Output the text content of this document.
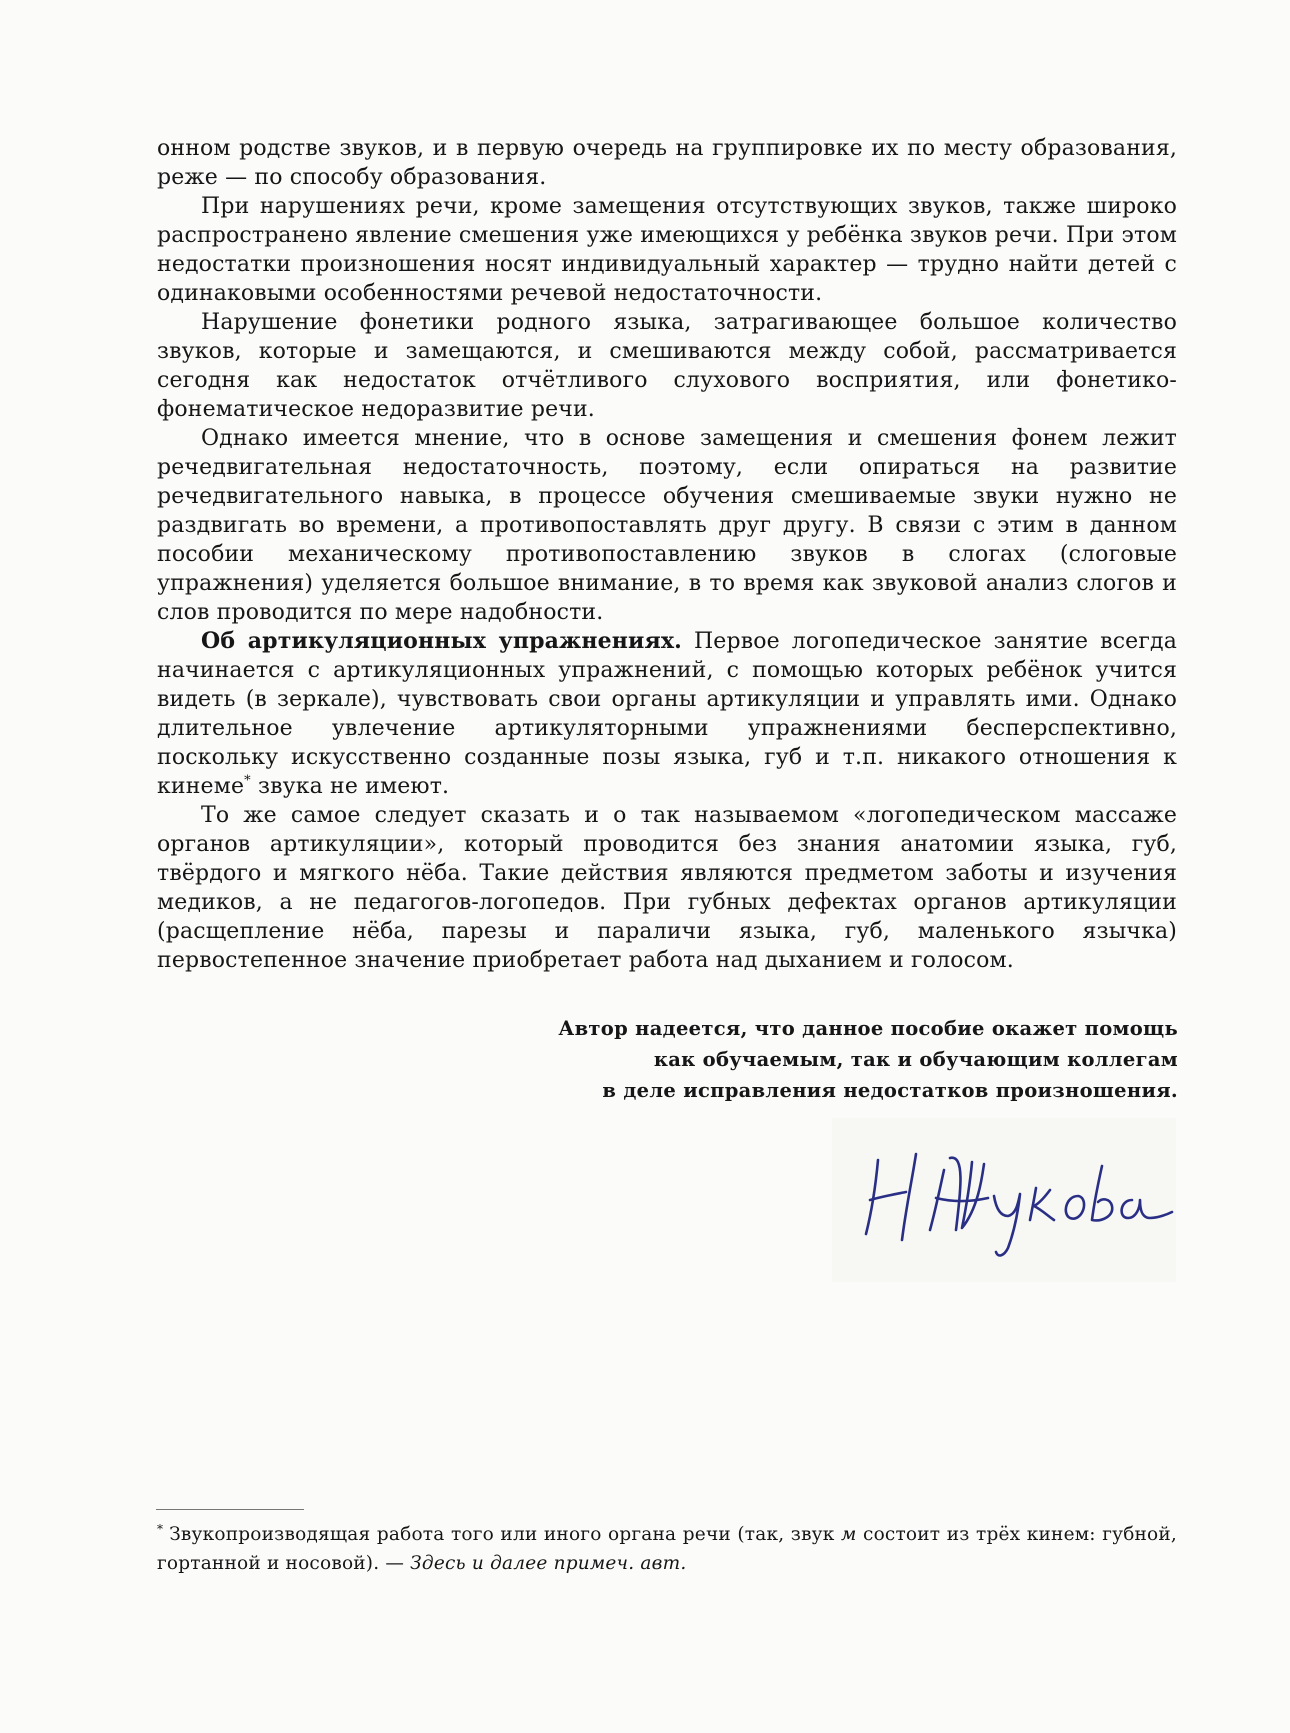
онном родстве звуков, и в первую очередь на группировке их по месту образования, реже — по способу образования.

При нарушениях речи, кроме замещения отсутствующих звуков, также широко распространено явление смешения уже имеющихся у ребёнка звуков речи. При этом недостатки произношения носят индивидуальный характер — трудно найти детей с одинаковыми особенностями речевой недостаточности.

Нарушение фонетики родного языка, затрагивающее большое количество звуков, которые и замещаются, и смешиваются между собой, рассматривается сегодня как недостаток отчётливого слухового восприятия, или фонетико-фонематическое недоразвитие речи.

Однако имеется мнение, что в основе замещения и смешения фонем лежит речедвигательная недостаточность, поэтому, если опираться на развитие речедвигательного навыка, в процессе обучения смешиваемые звуки нужно не раздвигать во времени, а противопоставлять друг другу. В связи с этим в данном пособии механическому противопоставлению звуков в слогах (слоговые упражнения) уделяется большое внимание, в то время как звуковой анализ слогов и слов проводится по мере надобности.

Об артикуляционных упражнениях. Первое логопедическое занятие всегда начинается с артикуляционных упражнений, с помощью которых ребёнок учится видеть (в зеркале), чувствовать свои органы артикуляции и управлять ими. Однако длительное увлечение артикуляторными упражнениями бесперспективно, поскольку искусственно созданные позы языка, губ и т.п. никакого отношения к кинеме* звука не имеют.

То же самое следует сказать и о так называемом «логопедическом массаже органов артикуляции», который проводится без знания анатомии языка, губ, твёрдого и мягкого нёба. Такие действия являются предметом заботы и изучения медиков, а не педагогов-логопедов. При губных дефектах органов артикуляции (расщепление нёба, парезы и параличи языка, губ, маленького язычка) первостепенное значение приобретает работа над дыханием и голосом.

Автор надеется, что данное пособие окажет помощь
как обучаемым, так и обучающим коллегам
в деле исправления недостатков произношения.
* Звукопроизводящая работа того или иного органа речи (так, звук м состоит из трёх кинем: губной, гортанной и носовой). — Здесь и далее примеч. авт.
